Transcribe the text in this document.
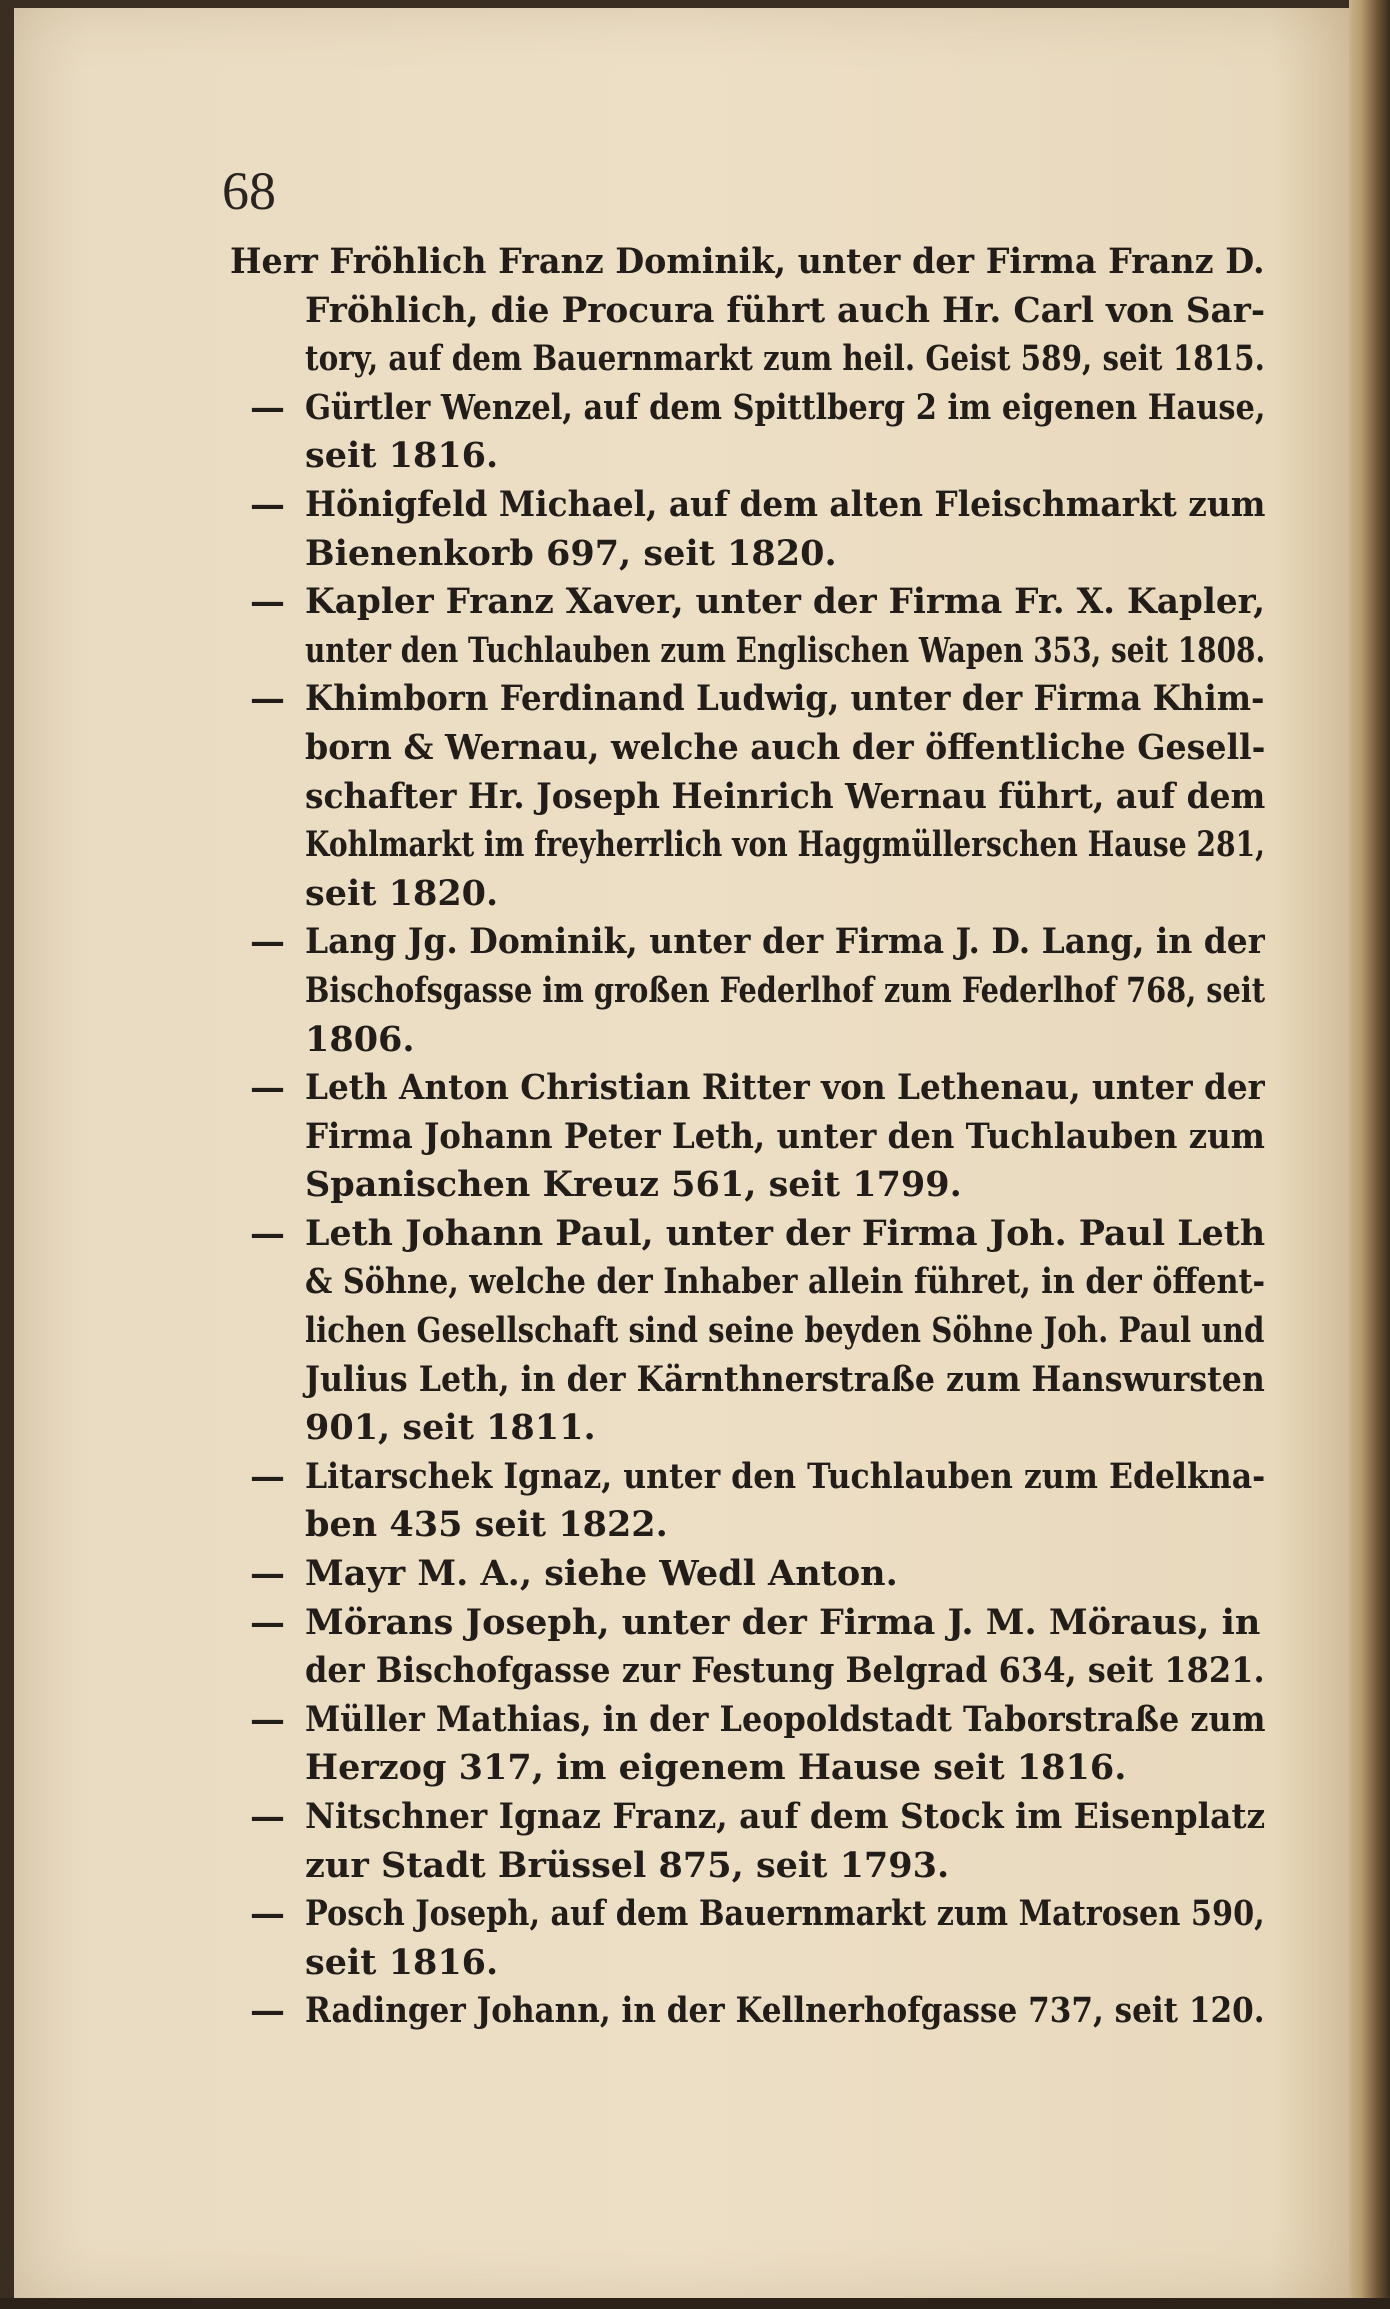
68
Herr Fröhlich Franz Dominik, unter der Firma Franz D.
Fröhlich, die Procura führt auch Hr. Carl von Sar-
tory, auf dem Bauernmarkt zum heil. Geist 589, seit 1815.
— Gürtler Wenzel, auf dem Spittlberg 2 im eigenen Hause,
seit 1816.
— Hönigfeld Michael, auf dem alten Fleischmarkt zum
Bienenkorb 697, seit 1820.
— Kapler Franz Xaver, unter der Firma Fr. X. Kapler,
unter den Tuchlauben zum Englischen Wapen 353, seit 1808.
— Khimborn Ferdinand Ludwig, unter der Firma Khim-
born & Wernau, welche auch der öffentliche Gesell-
schafter Hr. Joseph Heinrich Wernau führt, auf dem
Kohlmarkt im freyherrlich von Haggmüllerschen Hause 281,
seit 1820.
— Lang Jg. Dominik, unter der Firma J. D. Lang, in der
Bischofsgasse im großen Federlhof zum Federlhof 768, seit
1806.
— Leth Anton Christian Ritter von Lethenau, unter der
Firma Johann Peter Leth, unter den Tuchlauben zum
Spanischen Kreuz 561, seit 1799.
— Leth Johann Paul, unter der Firma Joh. Paul Leth
& Söhne, welche der Inhaber allein führet, in der öffent-
lichen Gesellschaft sind seine beyden Söhne Joh. Paul und
Julius Leth, in der Kärnthnerstraße zum Hanswursten
901, seit 1811.
— Litarschek Ignaz, unter den Tuchlauben zum Edelkna-
ben 435 seit 1822.
— Mayr M. A., siehe Wedl Anton.
— Mörans Joseph, unter der Firma J. M. Möraus, in
der Bischofgasse zur Festung Belgrad 634, seit 1821.
— Müller Mathias, in der Leopoldstadt Taborstraße zum
Herzog 317, im eigenem Hause seit 1816.
— Nitschner Ignaz Franz, auf dem Stock im Eisenplatz
zur Stadt Brüssel 875, seit 1793.
— Posch Joseph, auf dem Bauernmarkt zum Matrosen 590,
seit 1816.
— Radinger Johann, in der Kellnerhofgasse 737, seit 120.
